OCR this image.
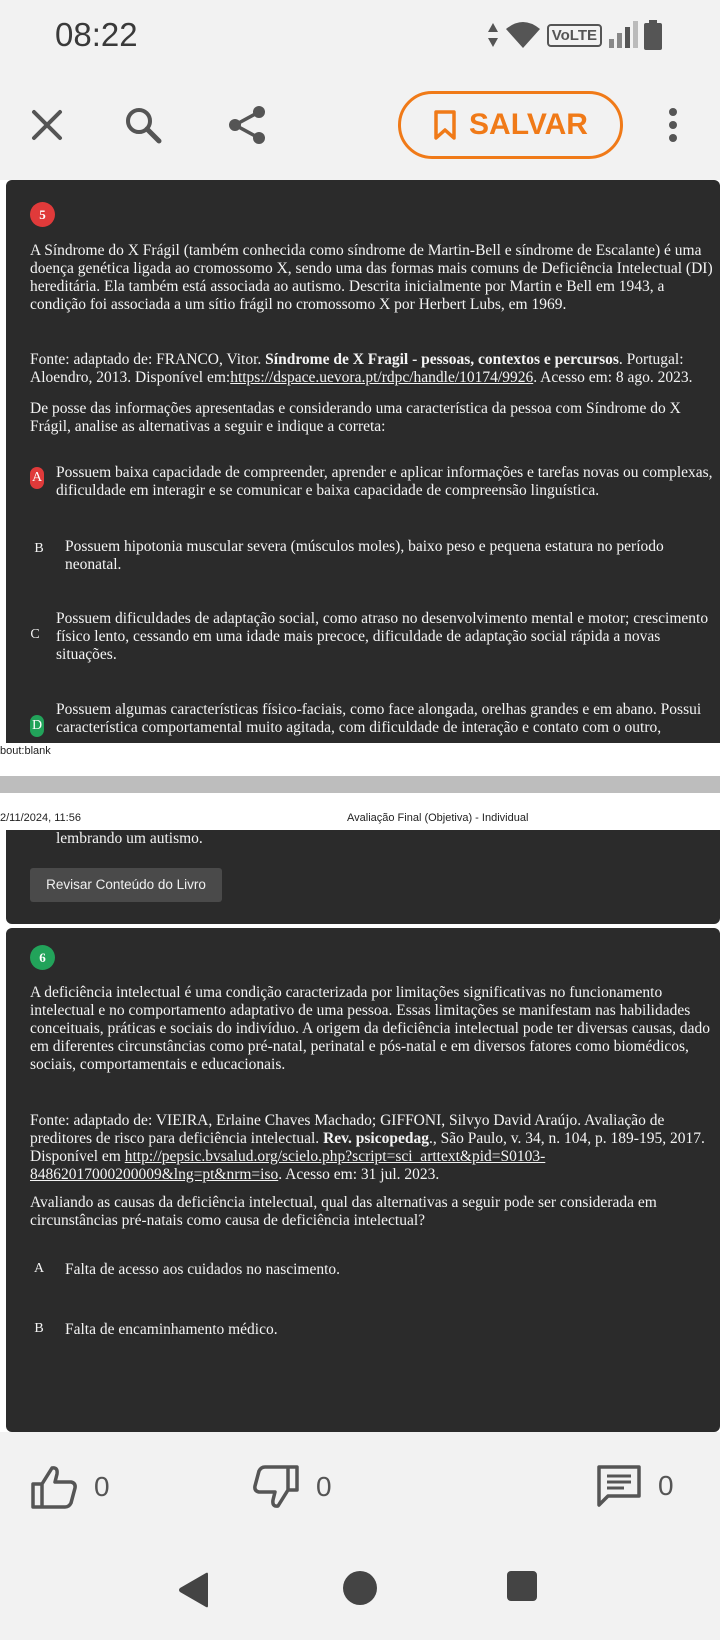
08:22	VoLTE
SALVAR
5
A Síndrome do X Frágil (também conhecida como síndrome de Martin-Bell e síndrome de Escalante) é uma doença genética ligada ao cromossomo X, sendo uma das formas mais comuns de Deficiência Intelectual (DI) hereditária. Ela também está associada ao autismo. Descrita inicialmente por Martin e Bell em 1943, a condição foi associada a um sítio frágil no cromossomo X por Herbert Lubs, em 1969.
Fonte: adaptado de: FRANCO, Vitor. Síndrome de X Fragil - pessoas, contextos e percursos. Portugal: Aloendro, 2013. Disponível em:https://dspace.uevora.pt/rdpc/handle/10174/9926. Acesso em: 8 ago. 2023.
De posse das informações apresentadas e considerando uma característica da pessoa com Síndrome do X Frágil, analise as alternativas a seguir e indique a correta:
A Possuem baixa capacidade de compreender, aprender e aplicar informações e tarefas novas ou complexas, dificuldade em interagir e se comunicar e baixa capacidade de compreensão linguística.
B Possuem hipotonia muscular severa (músculos moles), baixo peso e pequena estatura no período neonatal.
C
Possuem dificuldades de adaptação social, como atraso no desenvolvimento mental e motor; crescimento físico lento, cessando em uma idade mais precoce, dificuldade de adaptação social rápida a novas situações.
D
Possuem algumas características físico-faciais, como face alongada, orelhas grandes e em abano. Possui característica comportamental muito agitada, com dificuldade de interação e contato com o outro,
bout:blank
2/11/2024, 11:56	Avaliação Final (Objetiva) - Individual
lembrando um autismo.
Revisar Conteúdo do Livro
6
A deficiência intelectual é uma condição caracterizada por limitações significativas no funcionamento intelectual e no comportamento adaptativo de uma pessoa. Essas limitações se manifestam nas habilidades conceituais, práticas e sociais do indivíduo. A origem da deficiência intelectual pode ter diversas causas, dado em diferentes circunstâncias como pré-natal, perinatal e pós-natal e em diversos fatores como biomédicos, sociais, comportamentais e educacionais.
Fonte: adaptado de: VIEIRA, Erlaine Chaves Machado; GIFFONI, Silvyo David Araújo. Avaliação de preditores de risco para deficiência intelectual. Rev. psicopedag., São Paulo, v. 34, n. 104, p. 189-195, 2017. Disponível em http://pepsic.bvsalud.org/scielo.php?script=sci_arttext&pid=S0103-84862017000200009&lng=pt&nrm=iso. Acesso em: 31 jul. 2023.
Avaliando as causas da deficiência intelectual, qual das alternativas a seguir pode ser considerada em circunstâncias pré-natais como causa de deficiência intelectual?
A Falta de acesso aos cuidados no nascimento.
B Falta de encaminhamento médico.
0	0	0
